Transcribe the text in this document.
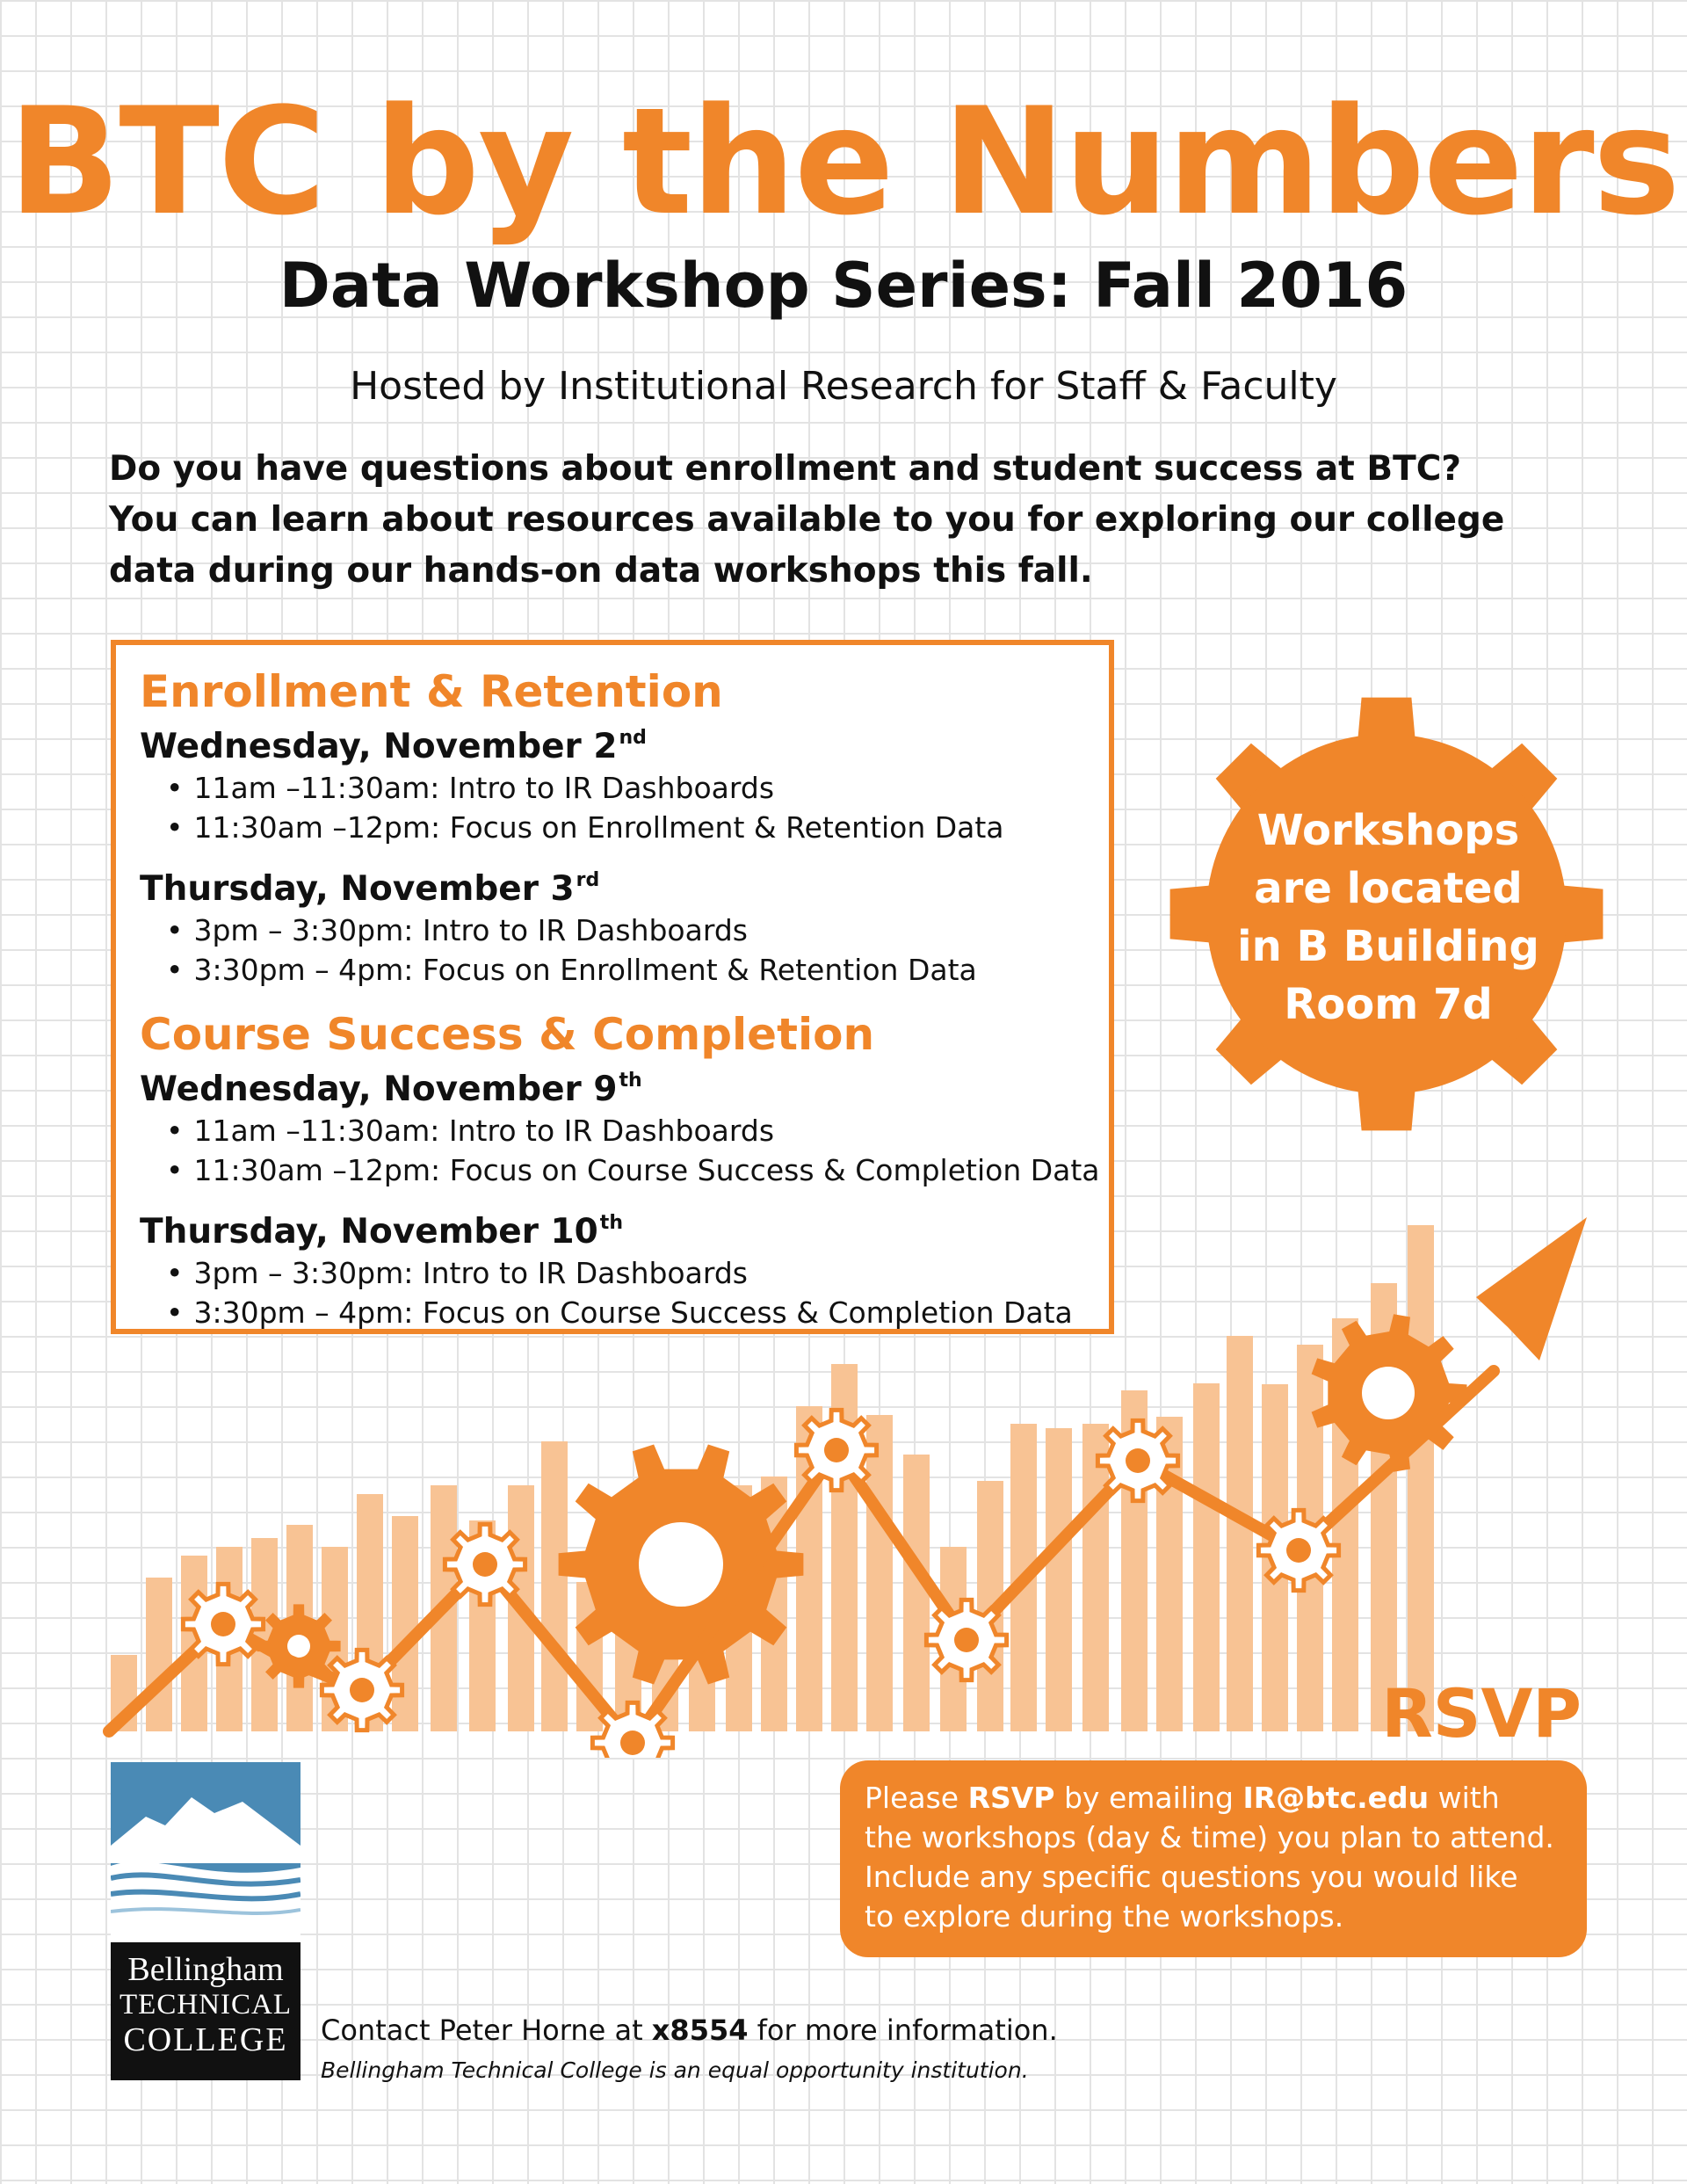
BTC by the Numbers
Data Workshop Series: Fall 2016
Hosted by Institutional Research for Staff & Faculty
Do you have questions about enrollment and student success at BTC?
You can learn about resources available to you for exploring our college
data during our hands-on data workshops this fall.
Enrollment & Retention
Wednesday, November 2nd
• 11am –11:30am: Intro to IR Dashboards
• 11:30am –12pm: Focus on Enrollment & Retention Data
Thursday, November 3rd
• 3pm – 3:30pm: Intro to IR Dashboards
• 3:30pm – 4pm: Focus on Enrollment & Retention Data
Course Success & Completion
Wednesday, November 9th
• 11am –11:30am: Intro to IR Dashboards
• 11:30am –12pm: Focus on Course Success & Completion Data
Thursday, November 10th
• 3pm – 3:30pm: Intro to IR Dashboards
• 3:30pm – 4pm: Focus on Course Success & Completion Data
Workshops
are located
in B Building
Room 7d
RSVP
Please RSVP by emailing IR@btc.edu with
the workshops (day & time) you plan to attend.
Include any specific questions you would like
to explore during the workshops.
Bellingham
TECHNICAL
COLLEGE	Contact Peter Horne at x8554 for more information.
Bellingham Technical College is an equal opportunity institution.
